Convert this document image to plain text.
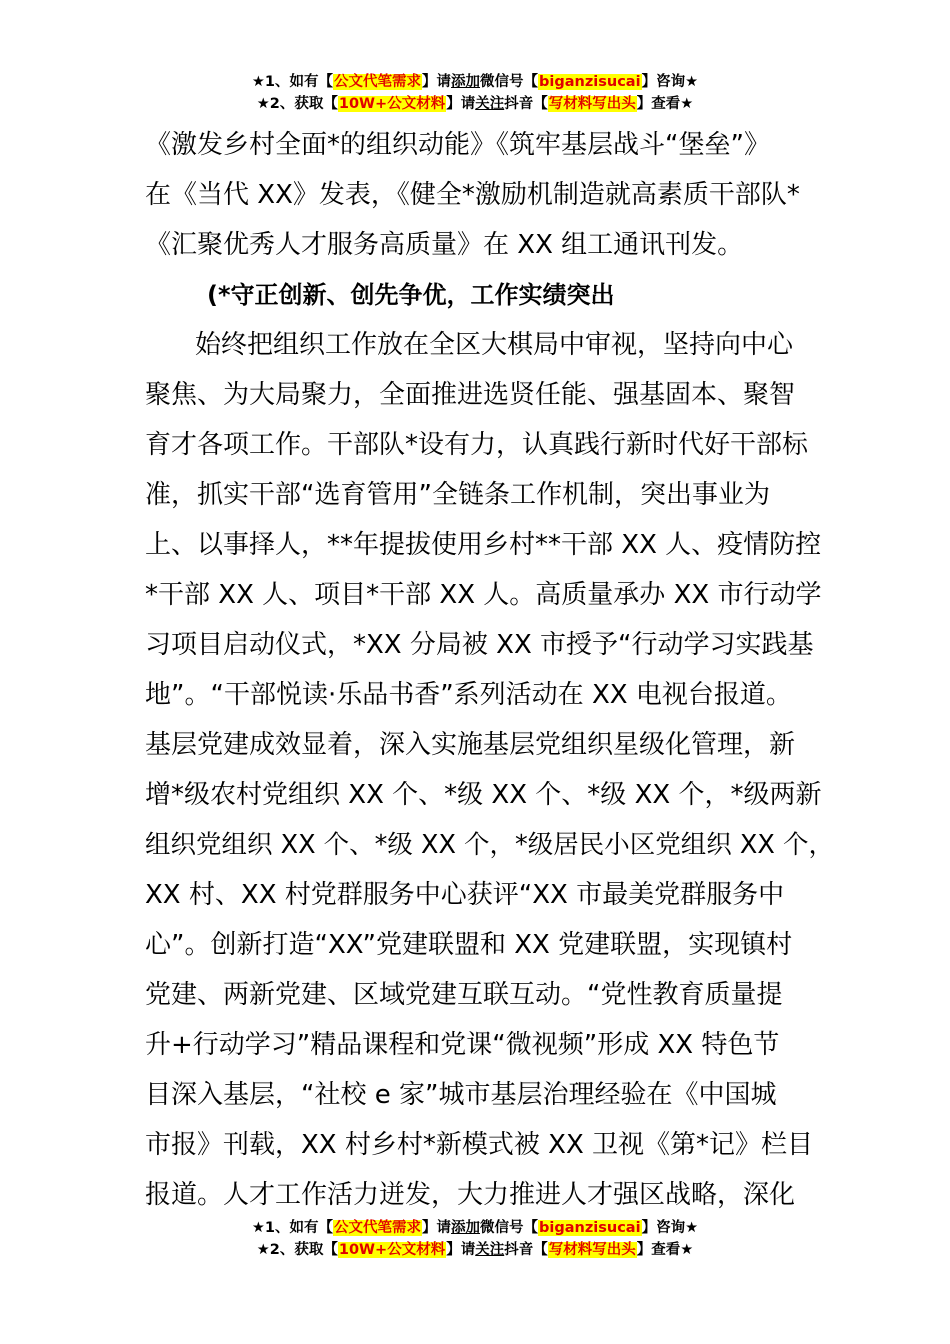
★1、如有【公文代笔需求】请添加微信号【biganzisucai】咨询★
★2、获取【10W+公文材料】请关注抖音【写材料写出头】查看★
《激发乡村全面*的组织动能》《筑牢基层战斗“堡垒”》
在《当代 XX》发表，《健全*激励机制造就高素质干部队*
《汇聚优秀人才服务高质量》在 XX 组工通讯刊发。
(*守正创新、创先争优，工作实绩突出
始终把组织工作放在全区大棋局中审视，坚持向中心
聚焦、为大局聚力，全面推进选贤任能、强基固本、聚智
育才各项工作。干部队*设有力，认真践行新时代好干部标
准，抓实干部“选育管用”全链条工作机制，突出事业为
上、以事择人，**年提拔使用乡村**干部 XX 人、疫情防控
*干部 XX 人、项目*干部 XX 人。高质量承办 XX 市行动学
习项目启动仪式，*XX 分局被 XX 市授予“行动学习实践基
地”。“干部悦读·乐品书香”系列活动在 XX 电视台报道。
基层党建成效显着，深入实施基层党组织星级化管理，新
增*级农村党组织 XX 个、*级 XX 个、*级 XX 个，*级两新
组织党组织 XX 个、*级 XX 个，*级居民小区党组织 XX 个，
XX 村、XX 村党群服务中心获评“XX 市最美党群服务中
心”。创新打造“XX”党建联盟和 XX 党建联盟，实现镇村
党建、两新党建、区域党建互联互动。“党性教育质量提
升+行动学习”精品课程和党课“微视频”形成 XX 特色节
目深入基层，“社校 e 家”城市基层治理经验在《中国城
市报》刊载，XX 村乡村*新模式被 XX 卫视《第*记》栏目
报道。人才工作活力迸发，大力推进人才强区战略，深化
★1、如有【公文代笔需求】请添加微信号【biganzisucai】咨询★
★2、获取【10W+公文材料】请关注抖音【写材料写出头】查看★
